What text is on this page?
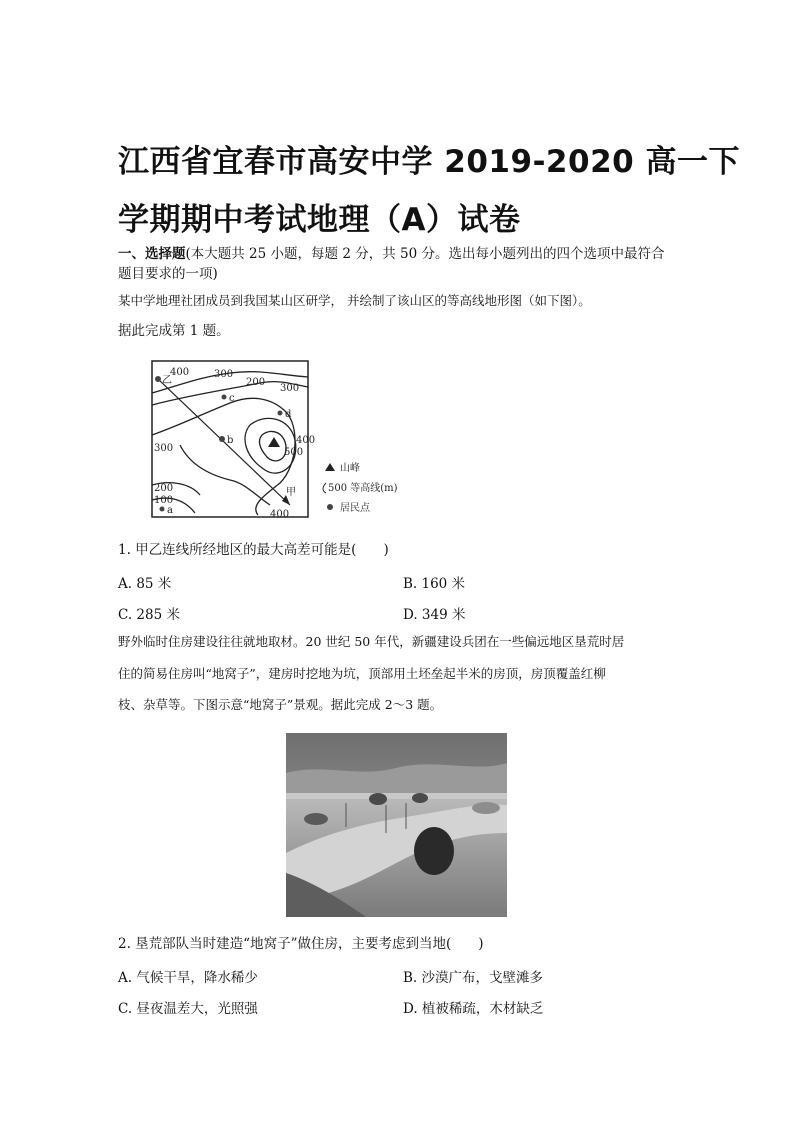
江西省宜春市高安中学 2019-2020 高一下
学期期中考试地理（A）试卷
一、选择题(本大题共 25 小题，每题 2 分，共 50 分。选出每小题列出的四个选项中最符合
题目要求的一项)
某中学地理社团成员到我国某山区研学， 并绘制了该山区的等高线地形图（如下图）。
据此完成第 1 题。
400 300
200
300
300	500
400
200
100
400
乙
c
d
b
甲
a
山峰
500 等高线(m)
居民点
1. 甲乙连线所经地区的最大高差可能是(　　)
A. 85 米	B. 160 米
C. 285 米	D. 349 米
野外临时住房建设往往就地取材。20 世纪 50 年代，新疆建设兵团在一些偏远地区垦荒时居
住的简易住房叫“地窝子”，建房时挖地为坑，顶部用土坯垒起半米的房顶，房顶覆盖红柳
枝、杂草等。下图示意“地窝子”景观。据此完成 2～3 题。
2. 垦荒部队当时建造“地窝子”做住房，主要考虑到当地(　　)
A. 气候干旱，降水稀少	B. 沙漠广布，戈壁滩多
C. 昼夜温差大，光照强	D. 植被稀疏，木材缺乏
